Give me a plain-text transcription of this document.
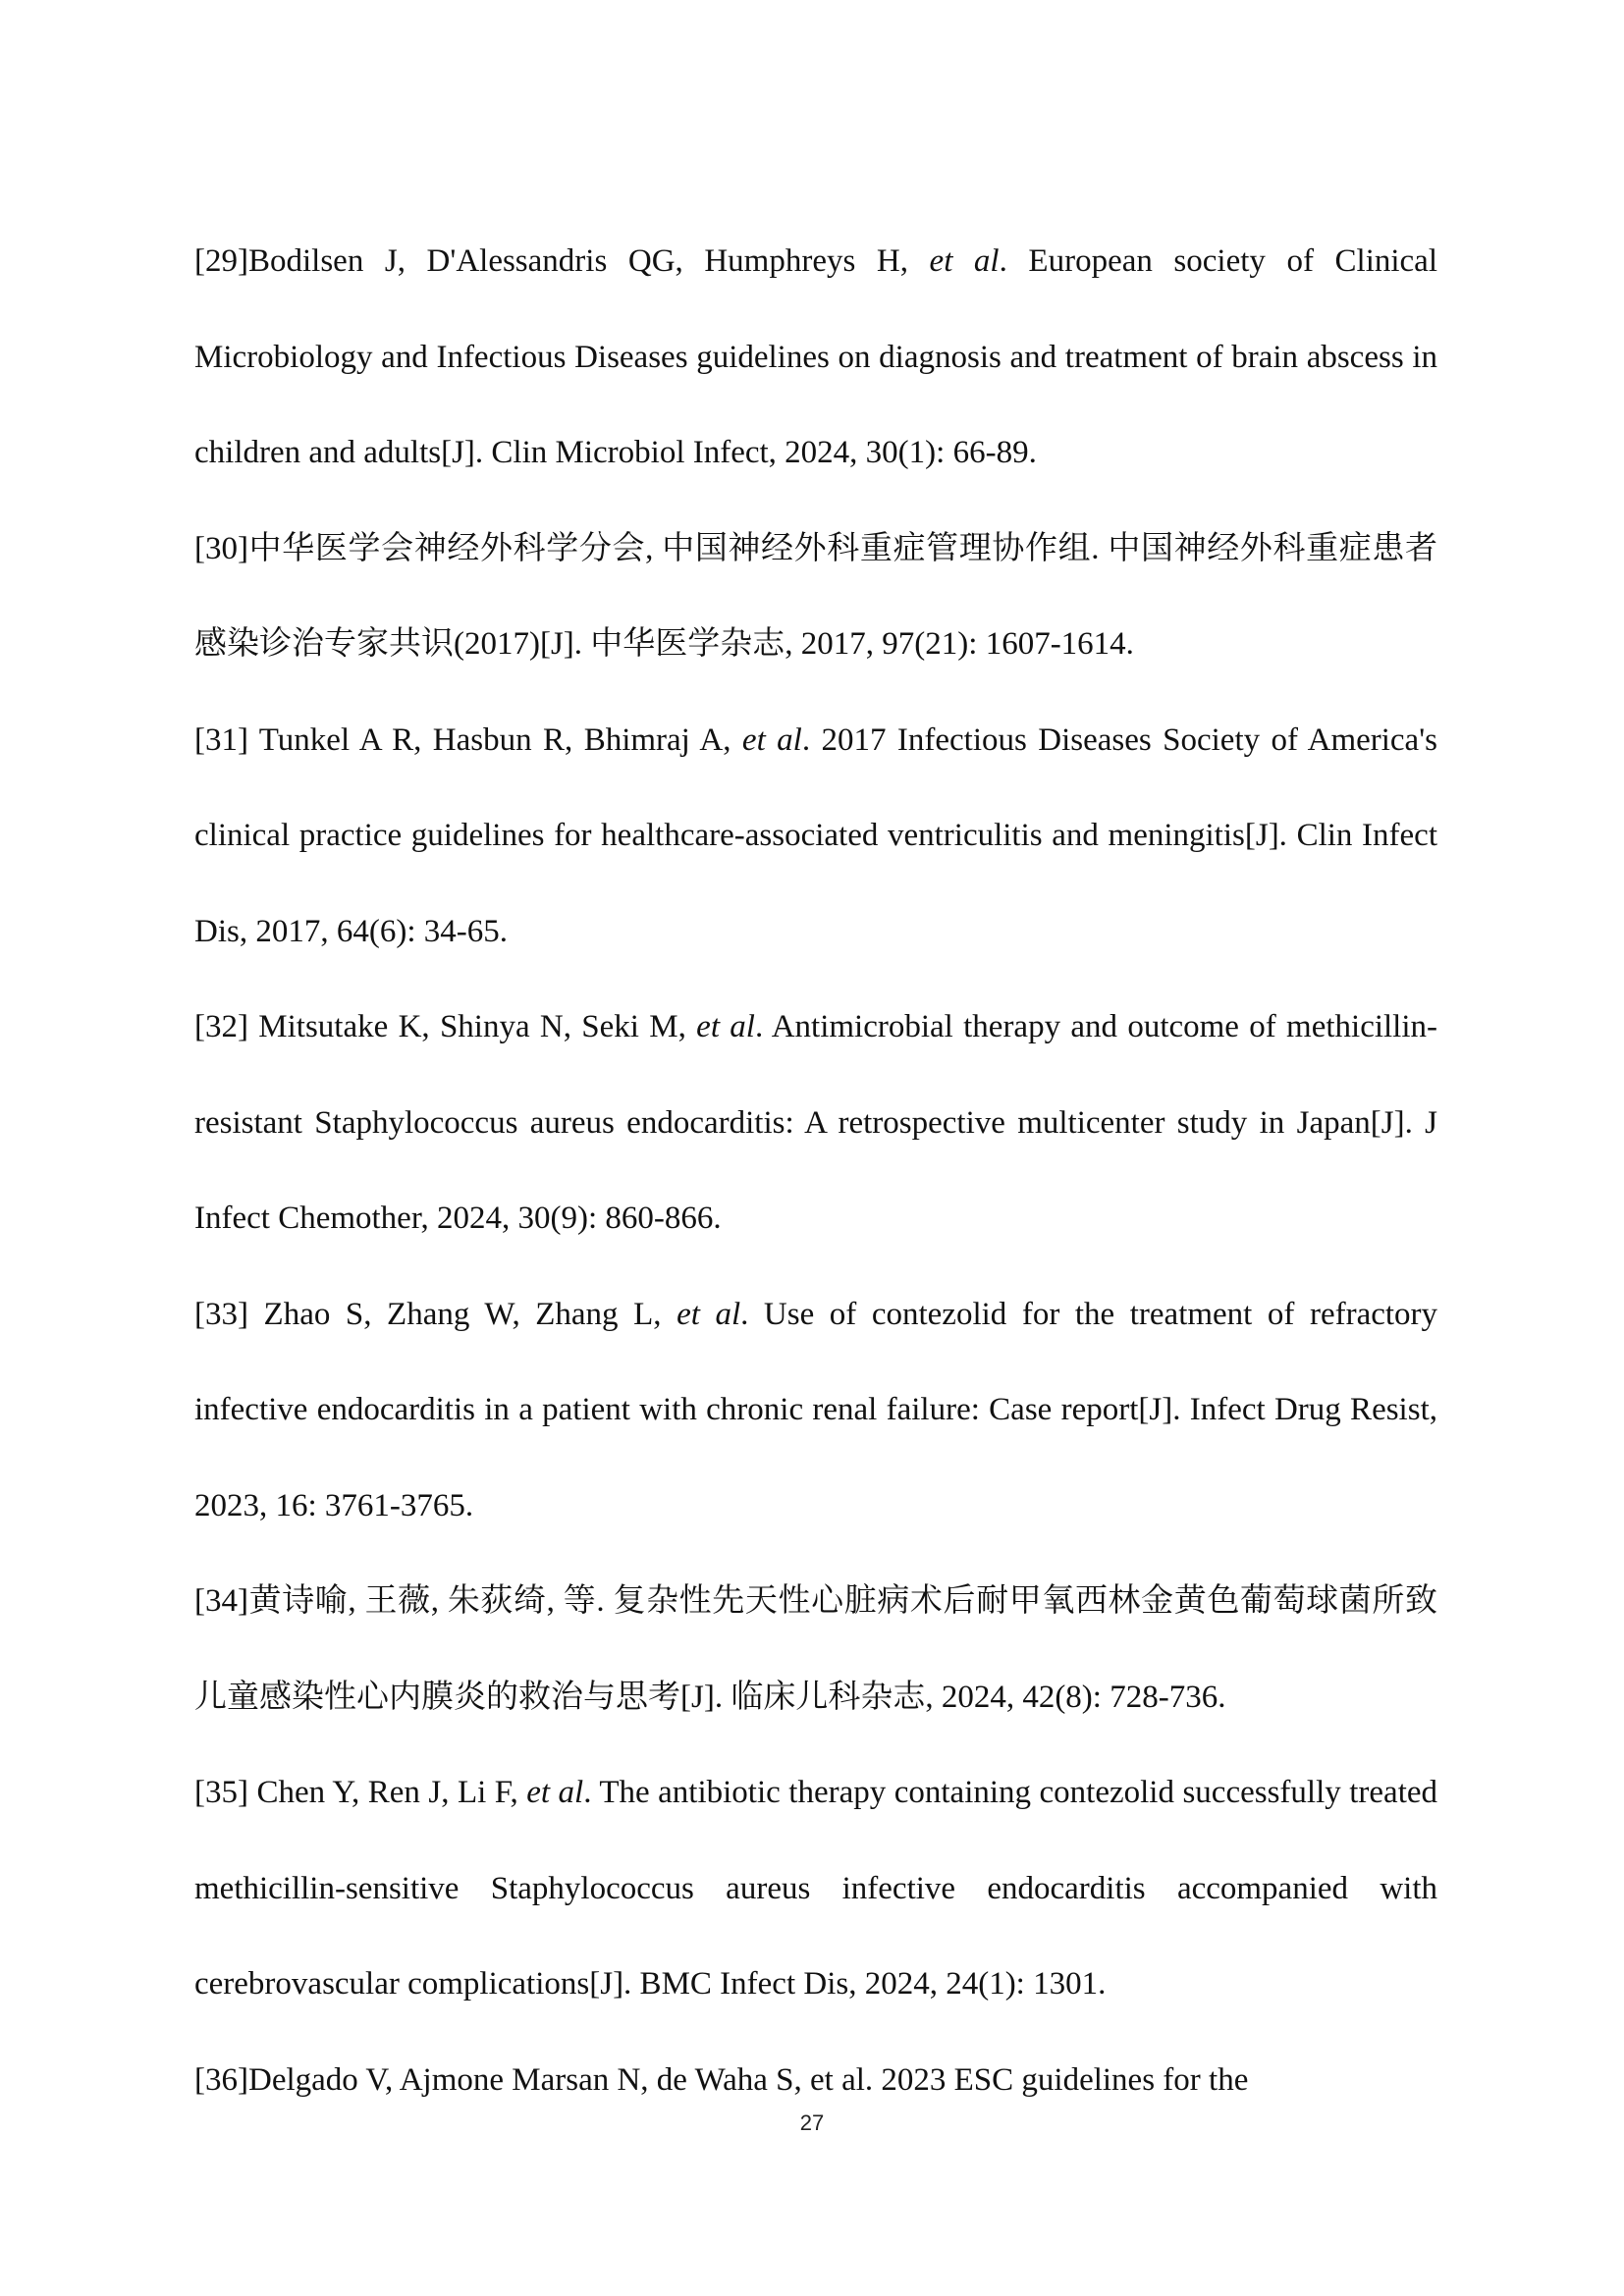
[29]Bodilsen J, D'Alessandris QG, Humphreys H, et al. European society of Clinical Microbiology and Infectious Diseases guidelines on diagnosis and treatment of brain abscess in children and adults[J]. Clin Microbiol Infect, 2024, 30(1): 66-89.
[30]中华医学会神经外科学分会, 中国神经外科重症管理协作组. 中国神经外科重症患者感染诊治专家共识(2017)[J]. 中华医学杂志, 2017, 97(21): 1607-1614.
[31] Tunkel A R, Hasbun R, Bhimraj A, et al. 2017 Infectious Diseases Society of America's clinical practice guidelines for healthcare-associated ventriculitis and meningitis[J]. Clin Infect Dis, 2017, 64(6): 34-65.
[32] Mitsutake K, Shinya N, Seki M, et al. Antimicrobial therapy and outcome of methicillin-resistant Staphylococcus aureus endocarditis: A retrospective multicenter study in Japan[J]. J Infect Chemother, 2024, 30(9): 860-866.
[33] Zhao S, Zhang W, Zhang L, et al. Use of contezolid for the treatment of refractory infective endocarditis in a patient with chronic renal failure: Case report[J]. Infect Drug Resist, 2023, 16: 3761-3765.
[34]黄诗喻, 王薇, 朱荻绮, 等. 复杂性先天性心脏病术后耐甲氧西林金黄色葡萄球菌所致儿童感染性心内膜炎的救治与思考[J]. 临床儿科杂志, 2024, 42(8): 728-736.
[35] Chen Y, Ren J, Li F, et al. The antibiotic therapy containing contezolid successfully treated methicillin-sensitive Staphylococcus aureus infective endocarditis accompanied with cerebrovascular complications[J]. BMC Infect Dis, 2024, 24(1): 1301.
[36]Delgado V, Ajmone Marsan N, de Waha S, et al. 2023 ESC guidelines for the
27
